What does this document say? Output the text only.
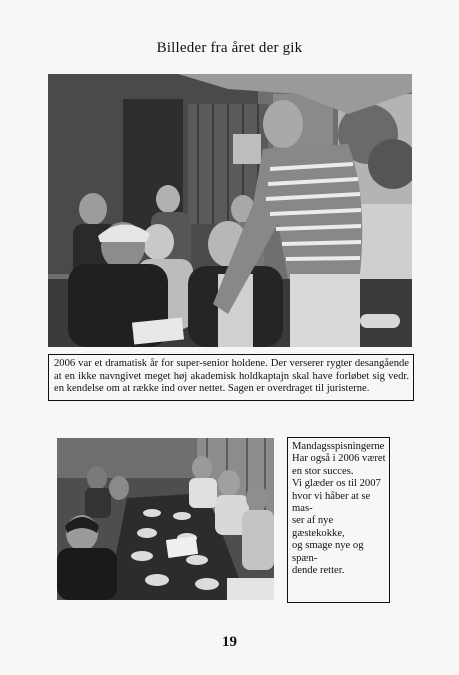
Billeder fra året der gik
2006 var et dramatisk år for super-senior holdene. Der verserer rygter desangående at en ikke navngivet meget høj akademisk holdkaptajn skal have forløbet sig vedr. en kendelse om at række ind over nettet. Sagen er overdraget til juristerne.
Mandagsspisningerne
Har også i 2006 været
en stor succes.
Vi glæder os til 2007
hvor vi håber at se mas-
ser af nye gæstekokke,
og smage nye og spæn-
dende retter.
19
